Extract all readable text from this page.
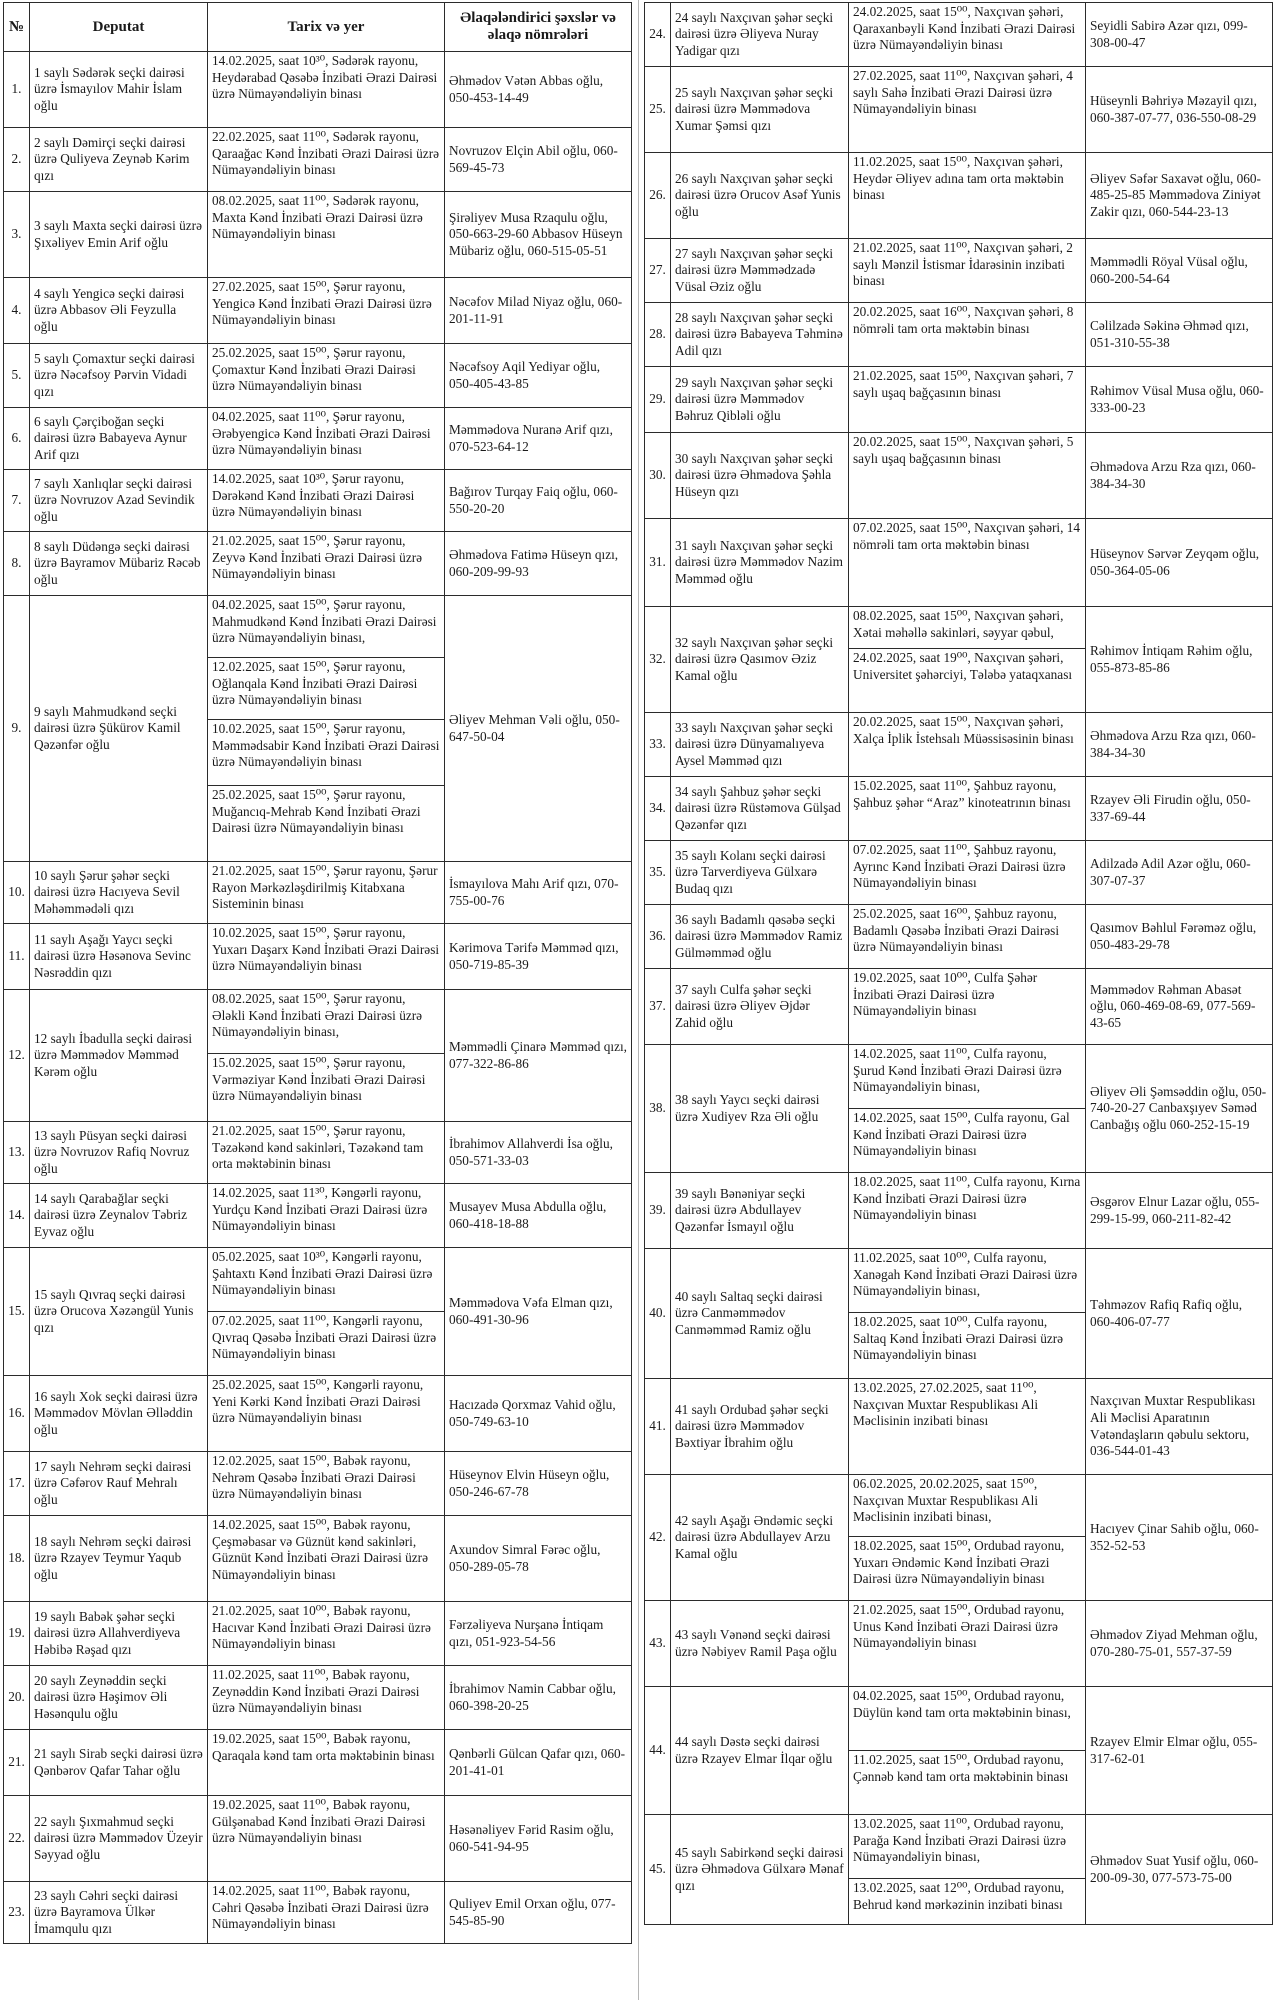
№	Deputat	Tarix və yer	Əlaqələndirici şəxslər və əlaqə nömrələri
1.	1 saylı Sədərək seçki dairəsi üzrə İsmayılov Mahir İslam oğlu	14.02.2025, saat 10³⁰, Sədərək rayonu, Heydərabad Qəsəbə İnzibati Ərazi Dairəsi üzrə Nümayəndəliyin binası	Əhmədov Vətən Abbas oğlu, 050-453-14-49
2.	2 saylı Dəmirçi seçki dairəsi üzrə Quliyeva Zeynəb Kərim qızı	22.02.2025, saat 11⁰⁰, Sədərək rayonu, Qaraağac Kənd İnzibati Ərazi Dairəsi üzrə Nümayəndəliyin binası	Novruzov Elçin Abil oğlu, 060-569-45-73
3.	3 saylı Maxta seçki dairəsi üzrə Şıxəliyev Emin Arif oğlu	08.02.2025, saat 11⁰⁰, Sədərək rayonu, Maxta Kənd İnzibati Ərazi Dairəsi üzrə Nümayəndəliyin binası	Şirəliyev Musa Rzaqulu oğlu, 050-663-29-60 Abbasov Hüseyn Mübariz oğlu, 060-515-05-51
4.	4 saylı Yengicə seçki dairəsi üzrə Abbasov Əli Feyzulla oğlu	27.02.2025, saat 15⁰⁰, Şərur rayonu, Yengicə Kənd İnzibati Ərazi Dairəsi üzrə Nümayəndəliyin binası	Nəcəfov Milad Niyaz oğlu, 060-201-11-91
5.	5 saylı Çomaxtur seçki dairəsi üzrə Nəcəfsoy Pərvin Vidadi qızı	25.02.2025, saat 15⁰⁰, Şərur rayonu, Çomaxtur Kənd İnzibati Ərazi Dairəsi üzrə Nümayəndəliyin binası	Nəcəfsoy Aqil Yediyar oğlu, 050-405-43-85
6.	6 saylı Çərçiboğan seçki dairəsi üzrə Babayeva Aynur Arif qızı	04.02.2025, saat 11⁰⁰, Şərur rayonu, Ərəbyengicə Kənd İnzibati Ərazi Dairəsi üzrə Nümayəndəliyin binası	Məmmədova Nuranə Arif qızı, 070-523-64-12
7.	7 saylı Xanlıqlar seçki dairəsi üzrə Novruzov Azad Sevindik oğlu	14.02.2025, saat 10³⁰, Şərur rayonu, Dərəkənd Kənd İnzibati Ərazi Dairəsi üzrə Nümayəndəliyin binası	Bağırov Turqay Faiq oğlu, 060-550-20-20
8.	8 saylı Düdəngə seçki dairəsi üzrə Bayramov Mübariz Rəcəb oğlu	21.02.2025, saat 15⁰⁰, Şərur rayonu, Zeyvə Kənd İnzibati Ərazi Dairəsi üzrə Nümayəndəliyin binası	Əhmədova Fatimə Hüseyn qızı, 060-209-99-93
9.	9 saylı Mahmudkənd seçki dairəsi üzrə Şükürov Kamil Qəzənfər oğlu	04.02.2025, saat 15⁰⁰, Şərur rayonu, Mahmudkənd Kənd İnzibati Ərazi Dairəsi üzrə Nümayəndəliyin binası,	Əliyev Mehman Vəli oğlu, 050-647-50-04
		12.02.2025, saat 15⁰⁰, Şərur rayonu, Oğlanqala Kənd İnzibati Ərazi Dairəsi üzrə Nümayəndəliyin binası	
		10.02.2025, saat 15⁰⁰, Şərur rayonu, Məmmədsabir Kənd İnzibati Ərazi Dairəsi üzrə Nümayəndəliyin binası	
		25.02.2025, saat 15⁰⁰, Şərur rayonu, Muğancıq-Mehrab Kənd İnzibati Ərazi Dairəsi üzrə Nümayəndəliyin binası	
10.	10 saylı Şərur şəhər seçki dairəsi üzrə Hacıyeva Sevil Məhəmmədəli qızı	21.02.2025, saat 15⁰⁰, Şərur rayonu, Şərur Rayon Mərkəzləşdirilmiş Kitabxana Sisteminin binası	İsmayılova Mahı Arif qızı, 070-755-00-76
11.	11 saylı Aşağı Yaycı seçki dairəsi üzrə Həsənova Sevinc Nəsrəddin qızı	10.02.2025, saat 15⁰⁰, Şərur rayonu, Yuxarı Daşarx Kənd İnzibati Ərazi Dairəsi üzrə Nümayəndəliyin binası	Kərimova Tərifə Məmməd qızı, 050-719-85-39
12.	12 saylı İbadulla seçki dairəsi üzrə Məmmədov Məmməd Kərəm oğlu	08.02.2025, saat 15⁰⁰, Şərur rayonu, Ələkli Kənd İnzibati Ərazi Dairəsi üzrə Nümayəndəliyin binası,	Məmmədli Çinarə Məmməd qızı, 077-322-86-86
		15.02.2025, saat 15⁰⁰, Şərur rayonu, Vərməziyar Kənd İnzibati Ərazi Dairəsi üzrə Nümayəndəliyin binası	
13.	13 saylı Püsyan seçki dairəsi üzrə Novruzov Rafiq Novruz oğlu	21.02.2025, saat 15⁰⁰, Şərur rayonu, Təzəkənd kənd sakinləri, Təzəkənd tam orta məktəbinin binası	İbrahimov Allahverdi İsa oğlu, 050-571-33-03
14.	14 saylı Qarabağlar seçki dairəsi üzrə Zeynalov Təbriz Eyvaz oğlu	14.02.2025, saat 11³⁰, Kəngərli rayonu, Yurdçu Kənd İnzibati Ərazi Dairəsi üzrə Nümayəndəliyin binası	Musayev Musa Abdulla oğlu, 060-418-18-88
15.	15 saylı Qıvraq seçki dairəsi üzrə Orucova Xəzəngül Yunis qızı	05.02.2025, saat 10³⁰, Kəngərli rayonu, Şahtaxtı Kənd İnzibati Ərazi Dairəsi üzrə Nümayəndəliyin binası	Məmmədova Vəfa Elman qızı, 060-491-30-96
		07.02.2025, saat 11⁰⁰, Kəngərli rayonu, Qıvraq Qəsəbə İnzibati Ərazi Dairəsi üzrə Nümayəndəliyin binası	
16.	16 saylı Xok seçki dairəsi üzrə Məmmədov Mövlan Əlləddin oğlu	25.02.2025, saat 15⁰⁰, Kəngərli rayonu, Yeni Kərki Kənd İnzibati Ərazi Dairəsi üzrə Nümayəndəliyin binası	Hacızadə Qorxmaz Vahid oğlu, 050-749-63-10
17.	17 saylı Nehrəm seçki dairəsi üzrə Cəfərov Rauf Mehralı oğlu	12.02.2025, saat 15⁰⁰, Babək rayonu, Nehrəm Qəsəbə İnzibati Ərazi Dairəsi üzrə Nümayəndəliyin binası	Hüseynov Elvin Hüseyn oğlu, 050-246-67-78
18.	18 saylı Nehrəm seçki dairəsi üzrə Rzayev Teymur Yaqub oğlu	14.02.2025, saat 15⁰⁰, Babək rayonu, Çeşməbasar və Güznüt kənd sakinləri, Güznüt Kənd İnzibati Ərazi Dairəsi üzrə Nümayəndəliyin binası	Axundov Simral Fərəc oğlu, 050-289-05-78
19.	19 saylı Babək şəhər seçki dairəsi üzrə Allahverdiyeva Həbibə Rəşad qızı	21.02.2025, saat 10⁰⁰, Babək rayonu, Hacıvar Kənd İnzibati Ərazi Dairəsi üzrə Nümayəndəliyin binası	Fərzəliyeva Nurşanə İntiqam qızı, 051-923-54-56
20.	20 saylı Zeynəddin seçki dairəsi üzrə Həşimov Əli Həsənqulu oğlu	11.02.2025, saat 11⁰⁰, Babək rayonu, Zeynəddin Kənd İnzibati Ərazi Dairəsi üzrə Nümayəndəliyin binası	İbrahimov Namin Cabbar oğlu, 060-398-20-25
21.	21 saylı Sirab seçki dairəsi üzrə Qənbərov Qafar Tahar oğlu	19.02.2025, saat 15⁰⁰, Babək rayonu, Qaraqala kənd tam orta məktəbinin binası	Qənbərli Gülcan Qafar qızı, 060-201-41-01
22.	22 saylı Şıxmahmud seçki dairəsi üzrə Məmmədov Üzeyir Səyyad oğlu	19.02.2025, saat 11⁰⁰, Babək rayonu, Gülşənabad Kənd İnzibati Ərazi Dairəsi üzrə Nümayəndəliyin binası	Həsənəliyev Fərid Rasim oğlu, 060-541-94-95
23.	23 saylı Cəhri seçki dairəsi üzrə Bayramova Ülkər İmamqulu qızı	14.02.2025, saat 11⁰⁰, Babək rayonu, Cəhri Qəsəbə İnzibati Ərazi Dairəsi üzrə Nümayəndəliyin binası	Quliyev Emil Orxan oğlu, 077-545-85-90
24.	24 saylı Naxçıvan şəhər seçki dairəsi üzrə Əliyeva Nuray Yadigar qızı	24.02.2025, saat 15⁰⁰, Naxçıvan şəhəri, Qaraxanbəyli Kənd İnzibati Ərazi Dairəsi üzrə Nümayəndəliyin binası	Seyidli Sabirə Azər qızı, 099-308-00-47
25.	25 saylı Naxçıvan şəhər seçki dairəsi üzrə Məmmədova Xumar Şəmsi qızı	27.02.2025, saat 11⁰⁰, Naxçıvan şəhəri, 4 saylı Sahə İnzibati Ərazi Dairəsi üzrə Nümayəndəliyin binası	Hüseynli Bəhriyə Məzayil qızı, 060-387-07-77, 036-550-08-29
26.	26 saylı Naxçıvan şəhər seçki dairəsi üzrə Orucov Asəf Yunis oğlu	11.02.2025, saat 15⁰⁰, Naxçıvan şəhəri, Heydər Əliyev adına tam orta məktəbin binası	Əliyev Səfər Saxavət oğlu, 060-485-25-85 Məmmədova Ziniyət Zakir qızı, 060-544-23-13
27.	27 saylı Naxçıvan şəhər seçki dairəsi üzrə Məmmədzadə Vüsal Əziz oğlu	21.02.2025, saat 11⁰⁰, Naxçıvan şəhəri, 2 saylı Mənzil İstismar İdarəsinin inzibati binası	Məmmədli Röyal Vüsal oğlu, 060-200-54-64
28.	28 saylı Naxçıvan şəhər seçki dairəsi üzrə Babayeva Təhminə Adil qızı	20.02.2025, saat 16⁰⁰, Naxçıvan şəhəri, 8 nömrəli tam orta məktəbin binası	Cəlilzadə Səkinə Əhməd qızı, 051-310-55-38
29.	29 saylı Naxçıvan şəhər seçki dairəsi üzrə Məmmədov Bəhruz Qibləli oğlu	21.02.2025, saat 15⁰⁰, Naxçıvan şəhəri, 7 saylı uşaq bağçasının binası	Rəhimov Vüsal Musa oğlu, 060-333-00-23
30.	30 saylı Naxçıvan şəhər seçki dairəsi üzrə Əhmədova Şəhla Hüseyn qızı	20.02.2025, saat 15⁰⁰, Naxçıvan şəhəri, 5 saylı uşaq bağçasının binası	Əhmədova Arzu Rza qızı, 060-384-34-30
31.	31 saylı Naxçıvan şəhər seçki dairəsi üzrə Məmmədov Nazim Məmməd oğlu	07.02.2025, saat 15⁰⁰, Naxçıvan şəhəri, 14 nömrəli tam orta məktəbin binası	Hüseynov Sərvər Zeyqəm oğlu, 050-364-05-06
32.	32 saylı Naxçıvan şəhər seçki dairəsi üzrə Qasımov Əziz Kamal oğlu	08.02.2025, saat 15⁰⁰, Naxçıvan şəhəri, Xətai məhəllə sakinləri, səyyar qəbul,	Rəhimov İntiqam Rəhim oğlu, 055-873-85-86
		24.02.2025, saat 19⁰⁰, Naxçıvan şəhəri, Universitet şəhərciyi, Tələbə yataqxanası	
33.	33 saylı Naxçıvan şəhər seçki dairəsi üzrə Dünyamalıyeva Aysel Məmməd qızı	20.02.2025, saat 15⁰⁰, Naxçıvan şəhəri, Xalça İplik İstehsalı Müəssisəsinin binası	Əhmədova Arzu Rza qızı, 060-384-34-30
34.	34 saylı Şahbuz şəhər seçki dairəsi üzrə Rüstəmova Gülşad Qəzənfər qızı	15.02.2025, saat 11⁰⁰, Şahbuz rayonu, Şahbuz şəhər “Araz” kinoteatrının binası	Rzayev Əli Firudin oğlu, 050-337-69-44
35.	35 saylı Kolanı seçki dairəsi üzrə Tarverdiyeva Gülxarə Budaq qızı	07.02.2025, saat 11⁰⁰, Şahbuz rayonu, Ayrınc Kənd İnzibati Ərazi Dairəsi üzrə Nümayəndəliyin binası	Adilzadə Adil Azər oğlu, 060-307-07-37
36.	36 saylı Badamlı qəsəbə seçki dairəsi üzrə Məmmədov Ramiz Gülməmməd oğlu	25.02.2025, saat 16⁰⁰, Şahbuz rayonu, Badamlı Qəsəbə İnzibati Ərazi Dairəsi üzrə Nümayəndəliyin binası	Qasımov Bəhlul Fərəməz oğlu, 050-483-29-78
37.	37 saylı Culfa şəhər seçki dairəsi üzrə Əliyev Əjdər Zahid oğlu	19.02.2025, saat 10⁰⁰, Culfa Şəhər İnzibati Ərazi Dairəsi üzrə Nümayəndəliyin binası	Məmmədov Rəhman Abasət oğlu, 060-469-08-69, 077-569-43-65
38.	38 saylı Yaycı seçki dairəsi üzrə Xudiyev Rza Əli oğlu	14.02.2025, saat 11⁰⁰, Culfa rayonu, Şurud Kənd İnzibati Ərazi Dairəsi üzrə Nümayəndəliyin binası,	Əliyev Əli Şəmsəddin oğlu, 050-740-20-27 Canbaxşıyev Səməd Canbağış oğlu 060-252-15-19
		14.02.2025, saat 15⁰⁰, Culfa rayonu, Gal Kənd İnzibati Ərazi Dairəsi üzrə Nümayəndəliyin binası	
39.	39 saylı Bənəniyar seçki dairəsi üzrə Abdullayev Qəzənfər İsmayıl oğlu	18.02.2025, saat 11⁰⁰, Culfa rayonu, Kırna Kənd İnzibati Ərazi Dairəsi üzrə Nümayəndəliyin binası	Əsgərov Elnur Lazar oğlu, 055-299-15-99, 060-211-82-42
40.	40 saylı Saltaq seçki dairəsi üzrə Canməmmədov Canməmməd Ramiz oğlu	11.02.2025, saat 10⁰⁰, Culfa rayonu, Xanəgah Kənd İnzibati Ərazi Dairəsi üzrə Nümayəndəliyin binası,	Təhməzov Rafiq Rafiq oğlu, 060-406-07-77
		18.02.2025, saat 10⁰⁰, Culfa rayonu, Saltaq Kənd İnzibati Ərazi Dairəsi üzrə Nümayəndəliyin binası	
41.	41 saylı Ordubad şəhər seçki dairəsi üzrə Məmmədov Bəxtiyar İbrahim oğlu	13.02.2025, 27.02.2025, saat 11⁰⁰, Naxçıvan Muxtar Respublikası Ali Məclisinin inzibati binası	Naxçıvan Muxtar Respublikası Ali Məclisi Aparatının Vətəndaşların qəbulu sektoru, 036-544-01-43
42.	42 saylı Aşağı Əndəmic seçki dairəsi üzrə Abdullayev Arzu Kamal oğlu	06.02.2025, 20.02.2025, saat 15⁰⁰, Naxçıvan Muxtar Respublikası Ali Məclisinin inzibati binası,	Hacıyev Çinar Sahib oğlu, 060-352-52-53
		18.02.2025, saat 15⁰⁰, Ordubad rayonu, Yuxarı Əndəmic Kənd İnzibati Ərazi Dairəsi üzrə Nümayəndəliyin binası	
43.	43 saylı Vənənd seçki dairəsi üzrə Nəbiyev Ramil Paşa oğlu	21.02.2025, saat 15⁰⁰, Ordubad rayonu, Unus Kənd İnzibati Ərazi Dairəsi üzrə Nümayəndəliyin binası	Əhmədov Ziyad Mehman oğlu, 070-280-75-01, 557-37-59
44.	44 saylı Dəstə seçki dairəsi üzrə Rzayev Elmar İlqar oğlu	04.02.2025, saat 15⁰⁰, Ordubad rayonu, Düylün kənd tam orta məktəbinin binası,	Rzayev Elmir Elmar oğlu, 055-317-62-01
		11.02.2025, saat 15⁰⁰, Ordubad rayonu, Çənnəb kənd tam orta məktəbinin binası	
45.	45 saylı Sabirkənd seçki dairəsi üzrə Əhmədova Gülxarə Mənaf qızı	13.02.2025, saat 11⁰⁰, Ordubad rayonu, Parağa Kənd İnzibati Ərazi Dairəsi üzrə Nümayəndəliyin binası,	Əhmədov Suat Yusif oğlu, 060-200-09-30, 077-573-75-00
		13.02.2025, saat 12⁰⁰, Ordubad rayonu, Behrud kənd mərkəzinin inzibati binası	
